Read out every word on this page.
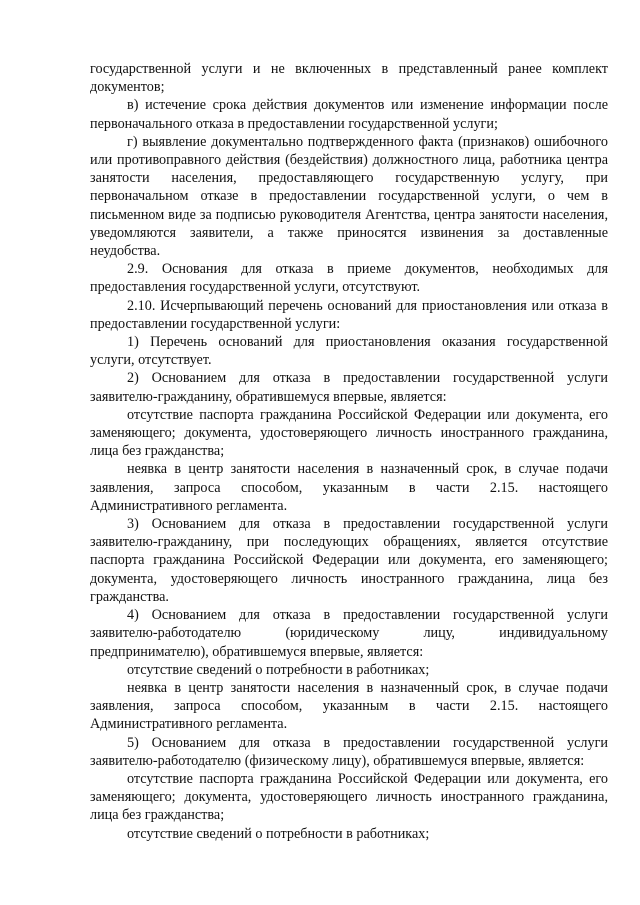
государственной услуги и не включенных в представленный ранее комплект документов;

в) истечение срока действия документов или изменение информации после первоначального отказа в предоставлении государственной услуги;

г) выявление документально подтвержденного факта (признаков) ошибочного или противоправного действия (бездействия) должностного лица, работника центра занятости населения, предоставляющего государственную услугу, при первоначальном отказе в предоставлении государственной услуги, о чем в письменном виде за подписью руководителя Агентства, центра занятости населения, уведомляются заявители, а также приносятся извинения за доставленные неудобства.

2.9. Основания для отказа в приеме документов, необходимых для предоставления государственной услуги, отсутствуют.

2.10. Исчерпывающий перечень оснований для приостановления или отказа в предоставлении государственной услуги:

1) Перечень оснований для приостановления оказания государственной услуги, отсутствует.

2) Основанием для отказа в предоставлении государственной услуги заявителю-гражданину, обратившемуся впервые, является:

отсутствие паспорта гражданина Российской Федерации или документа, его заменяющего; документа, удостоверяющего личность иностранного гражданина, лица без гражданства;

неявка в центр занятости населения в назначенный срок, в случае подачи заявления, запроса способом, указанным в части 2.15. настоящего Административного регламента.

3) Основанием для отказа в предоставлении государственной услуги заявителю-гражданину, при последующих обращениях, является отсутствие паспорта гражданина Российской Федерации или документа, его заменяющего; документа, удостоверяющего личность иностранного гражданина, лица без гражданства.

4) Основанием для отказа в предоставлении государственной услуги заявителю-работодателю (юридическому лицу, индивидуальному предпринимателю), обратившемуся впервые, является:

отсутствие сведений о потребности в работниках;

неявка в центр занятости населения в назначенный срок, в случае подачи заявления, запроса способом, указанным в части 2.15. настоящего Административного регламента.

5) Основанием для отказа в предоставлении государственной услуги заявителю-работодателю (физическому лицу), обратившемуся впервые, является:

отсутствие паспорта гражданина Российской Федерации или документа, его заменяющего; документа, удостоверяющего личность иностранного гражданина, лица без гражданства;

отсутствие сведений о потребности в работниках;
